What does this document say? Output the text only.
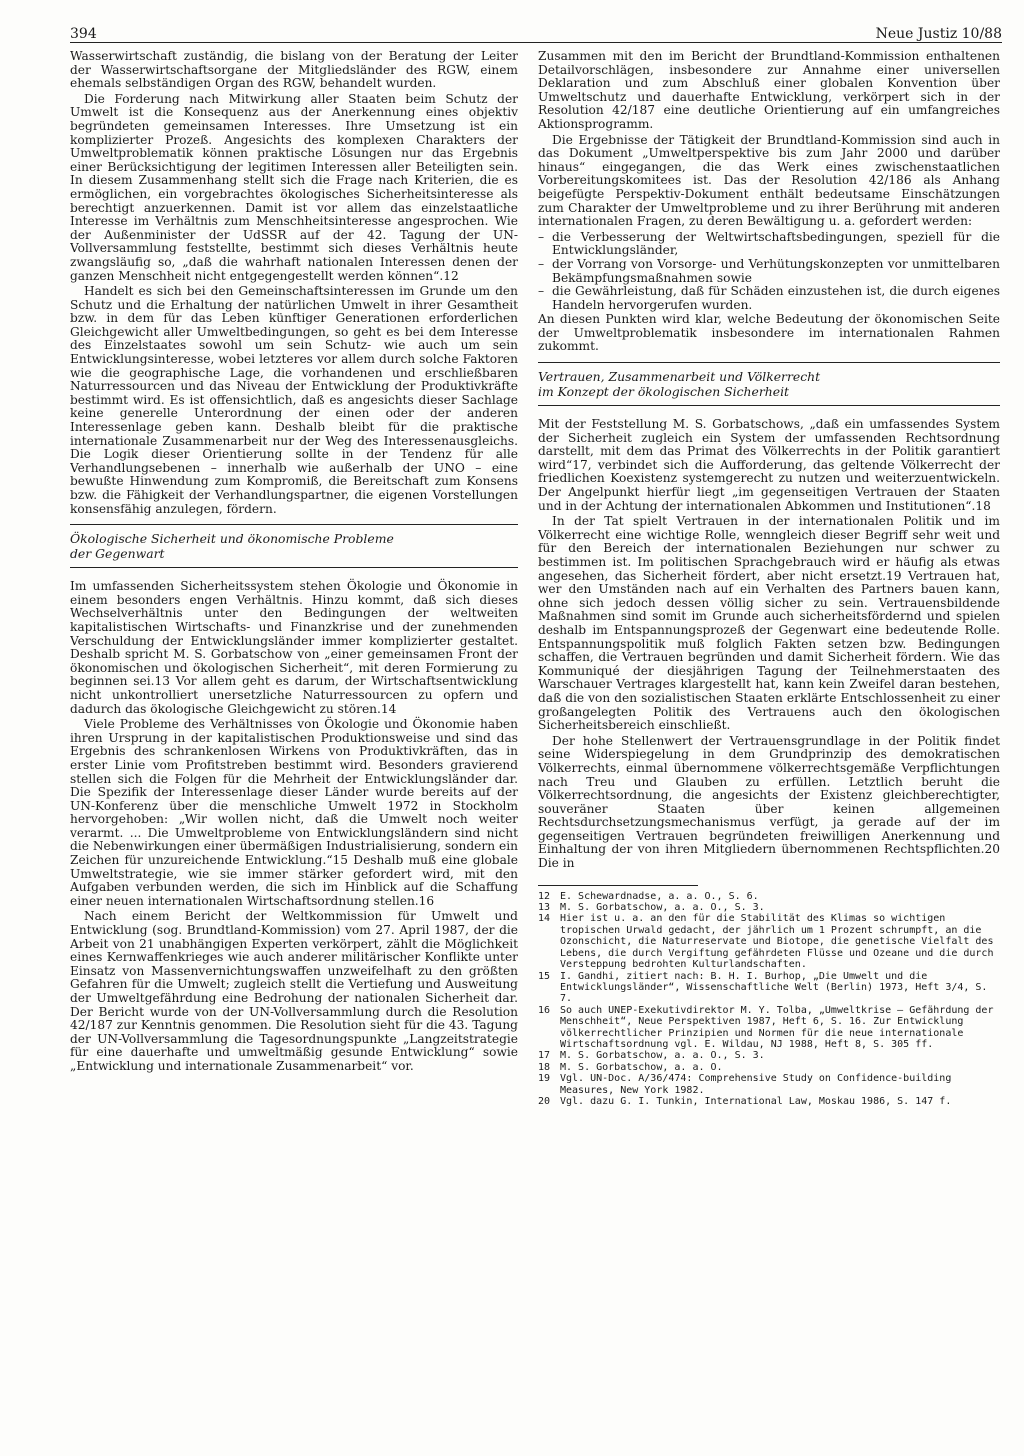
394	Neue Justiz 10/88

Wasserwirtschaft zuständig, die bislang von der Beratung der Leiter der Wasserwirtschaftsorgane der Mitgliedsländer des RGW, einem ehemals selbständigen Organ des RGW, behandelt wurden.

Die Forderung nach Mitwirkung aller Staaten beim Schutz der Umwelt ist die Konsequenz aus der Anerkennung eines objektiv begründeten gemeinsamen Interesses. Ihre Umsetzung ist ein komplizierter Prozeß. Angesichts des komplexen Charakters der Umweltproblematik können praktische Lösungen nur das Ergebnis einer Berücksichtigung der legitimen Interessen aller Beteiligten sein. In diesem Zusammenhang stellt sich die Frage nach Kriterien, die es ermöglichen, ein vorgebrachtes ökologisches Sicherheitsinteresse als berechtigt anzuerkennen. Damit ist vor allem das einzelstaatliche Interesse im Verhältnis zum Menschheitsinteresse angesprochen. Wie der Außenminister der UdSSR auf der 42. Tagung der UN-Vollversammlung feststellte, bestimmt sich dieses Verhältnis heute zwangsläufig so, „daß die wahrhaft nationalen Interessen denen der ganzen Menschheit nicht entgegengestellt werden können“.12

Handelt es sich bei den Gemeinschaftsinteressen im Grunde um den Schutz und die Erhaltung der natürlichen Umwelt in ihrer Gesamtheit bzw. in dem für das Leben künftiger Generationen erforderlichen Gleichgewicht aller Umweltbedingungen, so geht es bei dem Interesse des Einzelstaates sowohl um sein Schutz- wie auch um sein Entwicklungsinteresse, wobei letzteres vor allem durch solche Faktoren wie die geographische Lage, die vorhandenen und erschließbaren Naturressourcen und das Niveau der Entwicklung der Produktivkräfte bestimmt wird. Es ist offensichtlich, daß es angesichts dieser Sachlage keine generelle Unterordnung der einen oder der anderen Interessenlage geben kann. Deshalb bleibt für die praktische internationale Zusammenarbeit nur der Weg des Interessenausgleichs. Die Logik dieser Orientierung sollte in der Tendenz für alle Verhandlungsebenen – innerhalb wie außerhalb der UNO – eine bewußte Hinwendung zum Kompromiß, die Bereitschaft zum Konsens bzw. die Fähigkeit der Verhandlungspartner, die eigenen Vorstellungen konsensfähig anzulegen, fördern.

Ökologische Sicherheit und ökonomische Probleme
der Gegenwart

Im umfassenden Sicherheitssystem stehen Ökologie und Ökonomie in einem besonders engen Verhältnis. Hinzu kommt, daß sich dieses Wechselverhältnis unter den Bedingungen der weltweiten kapitalistischen Wirtschafts- und Finanzkrise und der zunehmenden Verschuldung der Entwicklungsländer immer komplizierter gestaltet. Deshalb spricht M. S. Gorbatschow von „einer gemeinsamen Front der ökonomischen und ökologischen Sicherheit“, mit deren Formierung zu beginnen sei.13 Vor allem geht es darum, der Wirtschaftsentwicklung nicht unkontrolliert unersetzliche Naturressourcen zu opfern und dadurch das ökologische Gleichgewicht zu stören.14

Viele Probleme des Verhältnisses von Ökologie und Ökonomie haben ihren Ursprung in der kapitalistischen Produktionsweise und sind das Ergebnis des schrankenlosen Wirkens von Produktivkräften, das in erster Linie vom Profitstreben bestimmt wird. Besonders gravierend stellen sich die Folgen für die Mehrheit der Entwicklungsländer dar. Die Spezifik der Interessenlage dieser Länder wurde bereits auf der UN-Konferenz über die menschliche Umwelt 1972 in Stockholm hervorgehoben: „Wir wollen nicht, daß die Umwelt noch weiter verarmt. ... Die Umweltprobleme von Entwicklungsländern sind nicht die Nebenwirkungen einer übermäßigen Industrialisierung, sondern ein Zeichen für unzureichende Entwicklung.“15 Deshalb muß eine globale Umweltstrategie, wie sie immer stärker gefordert wird, mit den Aufgaben verbunden werden, die sich im Hinblick auf die Schaffung einer neuen internationalen Wirtschaftsordnung stellen.16

Nach einem Bericht der Weltkommission für Umwelt und Entwicklung (sog. Brundtland-Kommission) vom 27. April 1987, der die Arbeit von 21 unabhängigen Experten verkörpert, zählt die Möglichkeit eines Kernwaffenkrieges wie auch anderer militärischer Konflikte unter Einsatz von Massenvernichtungswaffen unzweifelhaft zu den größten Gefahren für die Umwelt; zugleich stellt die Vertiefung und Ausweitung der Umweltgefährdung eine Bedrohung der nationalen Sicherheit dar. Der Bericht wurde von der UN-Vollversammlung durch die Resolution 42/187 zur Kenntnis genommen. Die Resolution sieht für die 43. Tagung der UN-Vollversammlung die Tagesordnungspunkte „Langzeitstrategie für eine dauerhafte und umweltmäßig gesunde Entwicklung“ sowie „Entwicklung und internationale Zusammenarbeit“ vor.

Zusammen mit den im Bericht der Brundtland-Kommission enthaltenen Detailvorschlägen, insbesondere zur Annahme einer universellen Deklaration und zum Abschluß einer globalen Konvention über Umweltschutz und dauerhafte Entwicklung, verkörpert sich in der Resolution 42/187 eine deutliche Orientierung auf ein umfangreiches Aktionsprogramm.

Die Ergebnisse der Tätigkeit der Brundtland-Kommission sind auch in das Dokument „Umweltperspektive bis zum Jahr 2000 und darüber hinaus“ eingegangen, die das Werk eines zwischenstaatlichen Vorbereitungskomitees ist. Das der Resolution 42/186 als Anhang beigefügte Perspektiv-Dokument enthält bedeutsame Einschätzungen zum Charakter der Umweltprobleme und zu ihrer Berührung mit anderen internationalen Fragen, zu deren Bewältigung u. a. gefordert werden:

– die Verbesserung der Weltwirtschaftsbedingungen, speziell für die Entwicklungsländer,
– der Vorrang von Vorsorge- und Verhütungskonzepten vor unmittelbaren Bekämpfungsmaßnahmen sowie
– die Gewährleistung, daß für Schäden einzustehen ist, die durch eigenes Handeln hervorgerufen wurden.

An diesen Punkten wird klar, welche Bedeutung der ökonomischen Seite der Umweltproblematik insbesondere im internationalen Rahmen zukommt.

Vertrauen, Zusammenarbeit und Völkerrecht
im Konzept der ökologischen Sicherheit

Mit der Feststellung M. S. Gorbatschows, „daß ein umfassendes System der Sicherheit zugleich ein System der umfassenden Rechtsordnung darstellt, mit dem das Primat des Völkerrechts in der Politik garantiert wird“17, verbindet sich die Aufforderung, das geltende Völkerrecht der friedlichen Koexistenz systemgerecht zu nutzen und weiterzuentwickeln. Der Angelpunkt hierfür liegt „im gegenseitigen Vertrauen der Staaten und in der Achtung der internationalen Abkommen und Institutionen“.18

In der Tat spielt Vertrauen in der internationalen Politik und im Völkerrecht eine wichtige Rolle, wenngleich dieser Begriff sehr weit und für den Bereich der internationalen Beziehungen nur schwer zu bestimmen ist. Im politischen Sprachgebrauch wird er häufig als etwas angesehen, das Sicherheit fördert, aber nicht ersetzt.19 Vertrauen hat, wer den Umständen nach auf ein Verhalten des Partners bauen kann, ohne sich jedoch dessen völlig sicher zu sein. Vertrauensbildende Maßnahmen sind somit im Grunde auch sicherheitsfördernd und spielen deshalb im Entspannungsprozeß der Gegenwart eine bedeutende Rolle. Entspannungspolitik muß folglich Fakten setzen bzw. Bedingungen schaffen, die Vertrauen begründen und damit Sicherheit fördern. Wie das Kommuniqué der diesjährigen Tagung der Teilnehmerstaaten des Warschauer Vertrages klargestellt hat, kann kein Zweifel daran bestehen, daß die von den sozialistischen Staaten erklärte Entschlossenheit zu einer großangelegten Politik des Vertrauens auch den ökologischen Sicherheitsbereich einschließt.

Der hohe Stellenwert der Vertrauensgrundlage in der Politik findet seine Widerspiegelung in dem Grundprinzip des demokratischen Völkerrechts, einmal übernommene völkerrechtsgemäße Verpflichtungen nach Treu und Glauben zu erfüllen. Letztlich beruht die Völkerrechtsordnung, die angesichts der Existenz gleichberechtigter, souveräner Staaten über keinen allgemeinen Rechtsdurchsetzungsmechanismus verfügt, ja gerade auf der im gegenseitigen Vertrauen begründeten freiwilligen Anerkennung und Einhaltung der von ihren Mitgliedern übernommenen Rechtspflichten.20 Die in

12 E. Schewardnadse, a. a. O., S. 6.
13 M. S. Gorbatschow, a. a. O., S. 3.
14 Hier ist u. a. an den für die Stabilität des Klimas so wichtigen tropischen Urwald gedacht, der jährlich um 1 Prozent schrumpft, an die Ozonschicht, die Naturreservate und Biotope, die genetische Vielfalt des Lebens, die durch Vergiftung gefährdeten Flüsse und Ozeane und die durch Versteppung bedrohten Kulturlandschaften.
15 I. Gandhi, zitiert nach: B. H. I. Burhop, „Die Umwelt und die Entwicklungsländer“, Wissenschaftliche Welt (Berlin) 1973, Heft 3/4, S. 7.
16 So auch UNEP-Exekutivdirektor M. Y. Tolba, „Umweltkrise – Gefährdung der Menschheit“, Neue Perspektiven 1987, Heft 6, S. 16. Zur Entwicklung völkerrechtlicher Prinzipien und Normen für die neue internationale Wirtschaftsordnung vgl. E. Wildau, NJ 1988, Heft 8, S. 305 ff.
17 M. S. Gorbatschow, a. a. O., S. 3.
18 M. S. Gorbatschow, a. a. O.
19 Vgl. UN-Doc. A/36/474: Comprehensive Study on Confidence-building Measures, New York 1982.
20 Vgl. dazu G. I. Tunkin, International Law, Moskau 1986, S. 147 f.
